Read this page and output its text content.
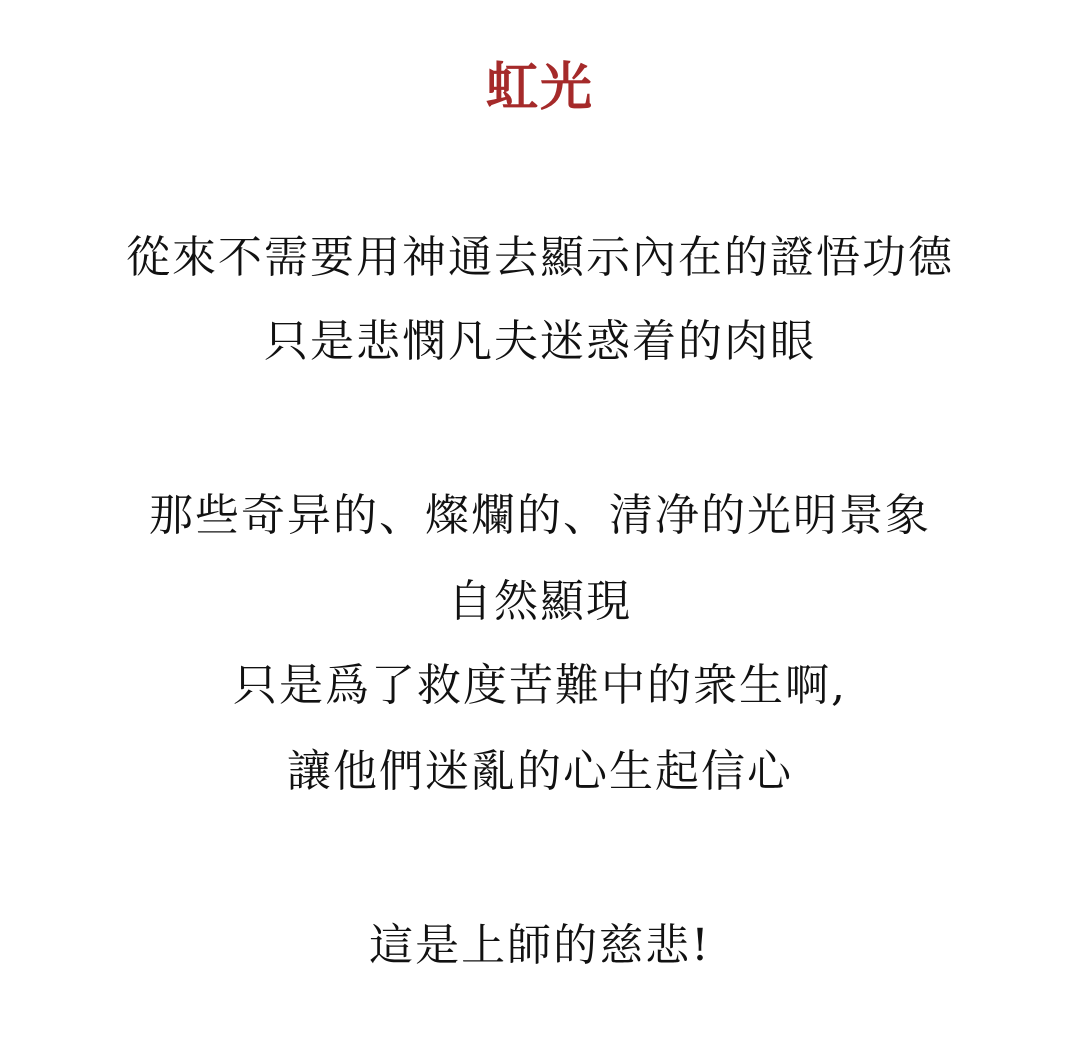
虹光
從來不需要用神通去顯示內在的證悟功德
只是悲憫凡夫迷惑着的肉眼
那些奇异的、燦爛的、清净的光明景象
自然顯現
只是爲了救度苦難中的衆生啊,
讓他們迷亂的心生起信心
這是上師的慈悲!
